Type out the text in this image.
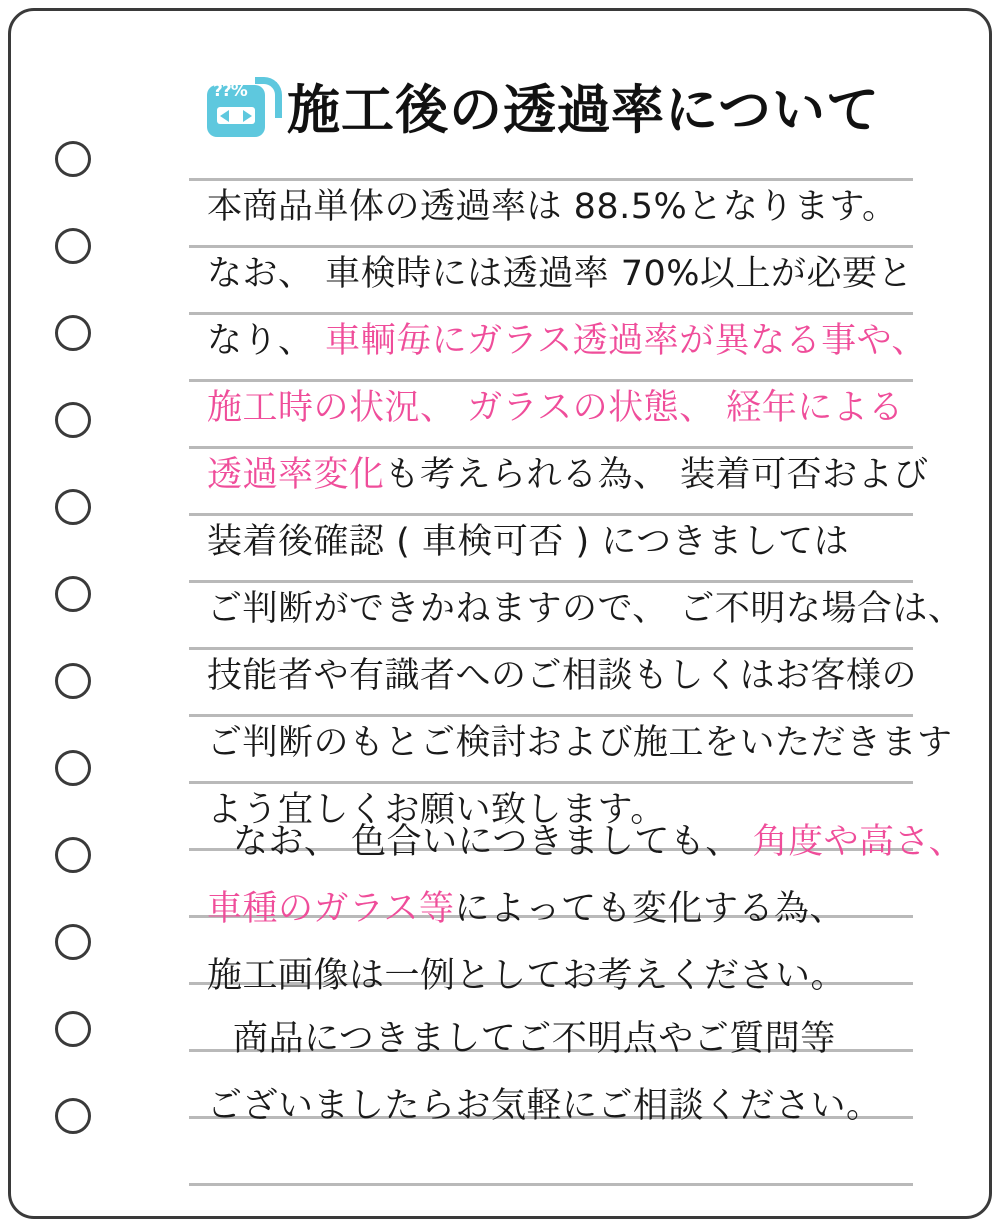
??% 施工後の透過率について
本商品単体の透過率は 88.5%となります。
なお、 車検時には透過率 70%以上が必要と
なり、 車輌毎にガラス透過率が異なる事や、
施工時の状況、 ガラスの状態、 経年による
透過率変化も考えられる為、 装着可否および
装着後確認 ( 車検可否 ) につきましては
ご判断ができかねますので、 ご不明な場合は、
技能者や有識者へのご相談もしくはお客様の
ご判断のもとご検討および施工をいただきます
よう宜しくお願い致します。
なお、 色合いにつきましても、 角度や高さ、
車種のガラス等によっても変化する為、
施工画像は一例としてお考えください。
商品につきましてご不明点やご質問等
ございましたらお気軽にご相談ください。
